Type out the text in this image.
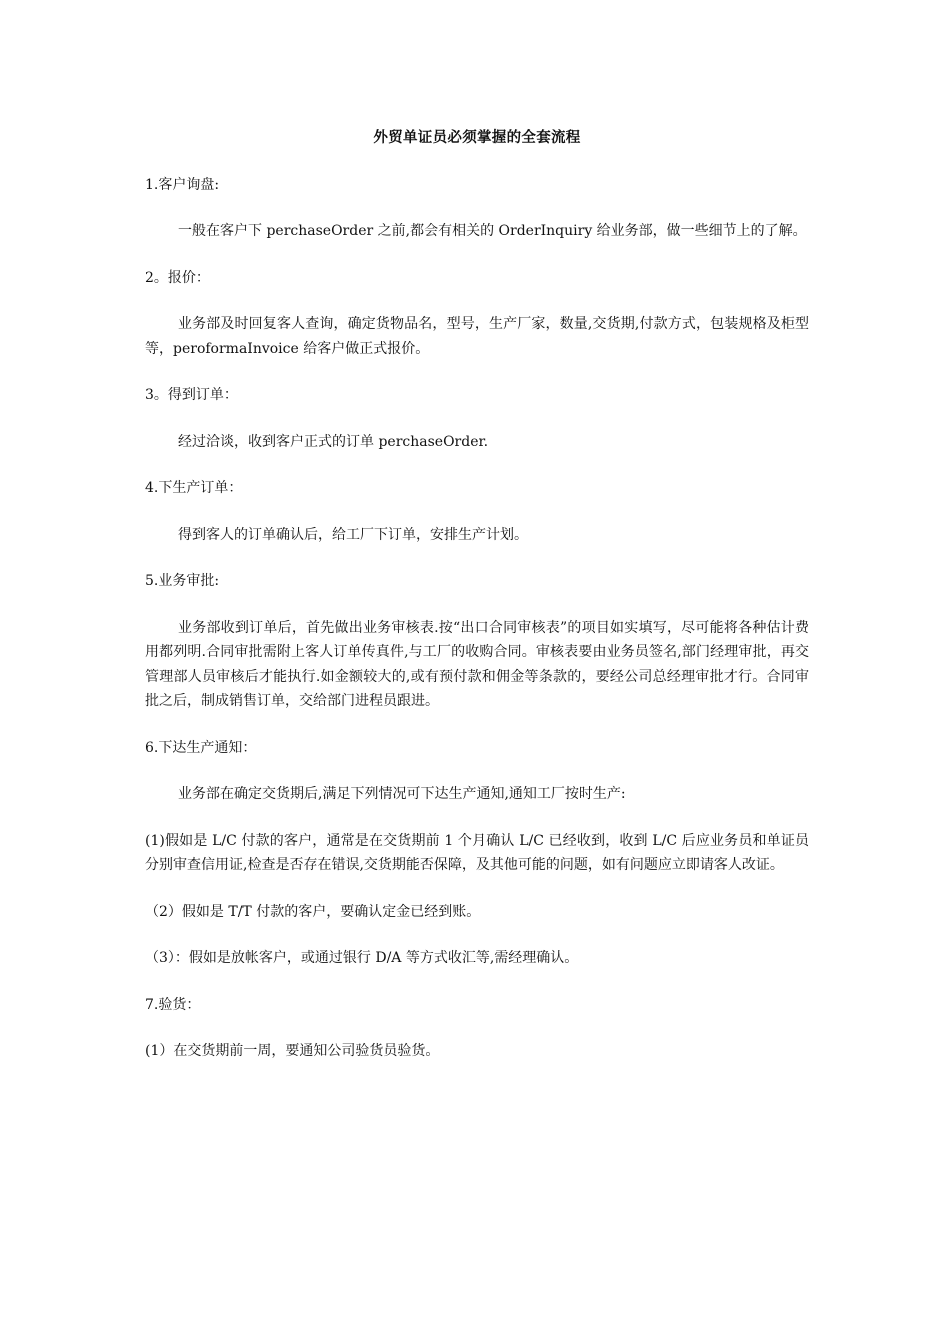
外贸单证员必须掌握的全套流程
1.客户询盘:
一般在客户下 perchaseOrder 之前,都会有相关的 OrderInquiry 给业务部，做一些细节上的了解。
2。报价：
业务部及时回复客人查询，确定货物品名，型号，生产厂家，数量,交货期,付款方式，包装规格及柜型等，peroformaInvoice 给客户做正式报价。
3。得到订单：
经过洽谈，收到客户正式的订单 perchaseOrder.
4.下生产订单：
得到客人的订单确认后，给工厂下订单，安排生产计划。
5.业务审批:
业务部收到订单后，首先做出业务审核表.按“出口合同审核表”的项目如实填写，尽可能将各种估计费用都列明.合同审批需附上客人订单传真件,与工厂的收购合同。审核表要由业务员签名,部门经理审批，再交管理部人员审核后才能执行.如金额较大的,或有预付款和佣金等条款的，要经公司总经理审批才行。合同审批之后，制成销售订单，交给部门进程员跟进。
6.下达生产通知：
业务部在确定交货期后,满足下列情况可下达生产通知,通知工厂按时生产:
(1)假如是 L/C 付款的客户，通常是在交货期前 1 个月确认 L/C 已经收到，收到 L/C 后应业务员和单证员分别审查信用证,检查是否存在错误,交货期能否保障，及其他可能的问题，如有问题应立即请客人改证。
（2）假如是 T/T 付款的客户，要确认定金已经到账。
（3）：假如是放帐客户，或通过银行 D/A 等方式收汇等,需经理确认。
7.验货：
(1）在交货期前一周，要通知公司验货员验货。
